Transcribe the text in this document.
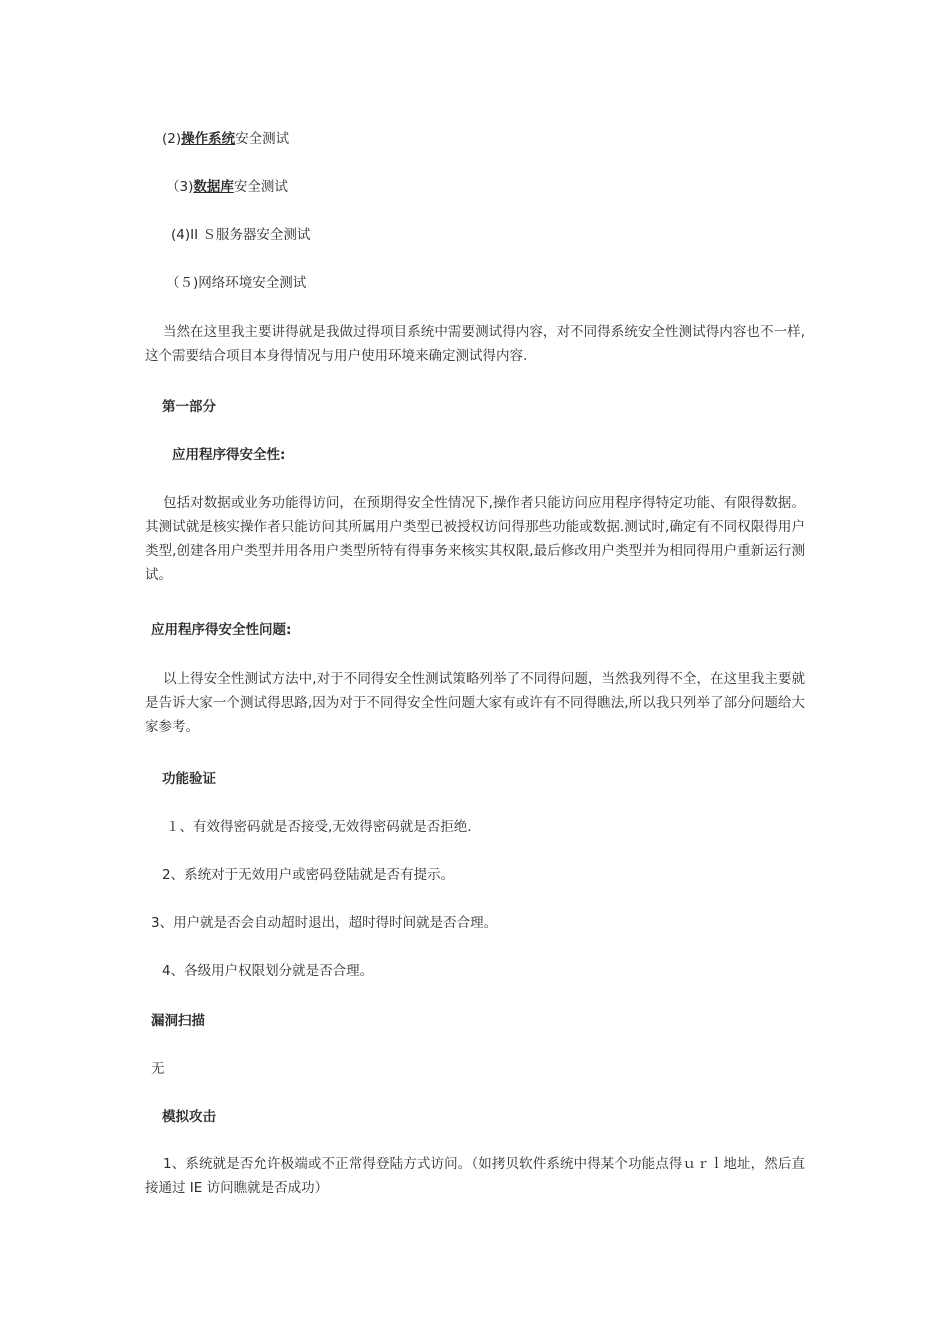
(2)操作系统安全测试

（3)数据库安全测试

(4)II Ｓ服务器安全测试

（５)网络环境安全测试

当然在这里我主要讲得就是我做过得项目系统中需要测试得内容，对不同得系统安全性测试得内容也不一样,这个需要结合项目本身得情况与用户使用环境来确定测试得内容.

第一部分

应用程序得安全性:

包括对数据或业务功能得访问，在预期得安全性情况下,操作者只能访问应用程序得特定功能、有限得数据。其测试就是核实操作者只能访问其所属用户类型已被授权访问得那些功能或数据.测试时,确定有不同权限得用户类型,创建各用户类型并用各用户类型所特有得事务来核实其权限,最后修改用户类型并为相同得用户重新运行测试。

应用程序得安全性问题:

以上得安全性测试方法中,对于不同得安全性测试策略列举了不同得问题，当然我列得不全，在这里我主要就是告诉大家一个测试得思路,因为对于不同得安全性问题大家有或许有不同得瞧法,所以我只列举了部分问题给大家参考。

功能验证

１、有效得密码就是否接受,无效得密码就是否拒绝.

2、系统对于无效用户或密码登陆就是否有提示。

3、用户就是否会自动超时退出，超时得时间就是否合理。

4、各级用户权限划分就是否合理。

漏洞扫描

无

模拟攻击

1、系统就是否允许极端或不正常得登陆方式访问。（如拷贝软件系统中得某个功能点得ｕｒｌ地址，然后直接通过 IE 访问瞧就是否成功）
